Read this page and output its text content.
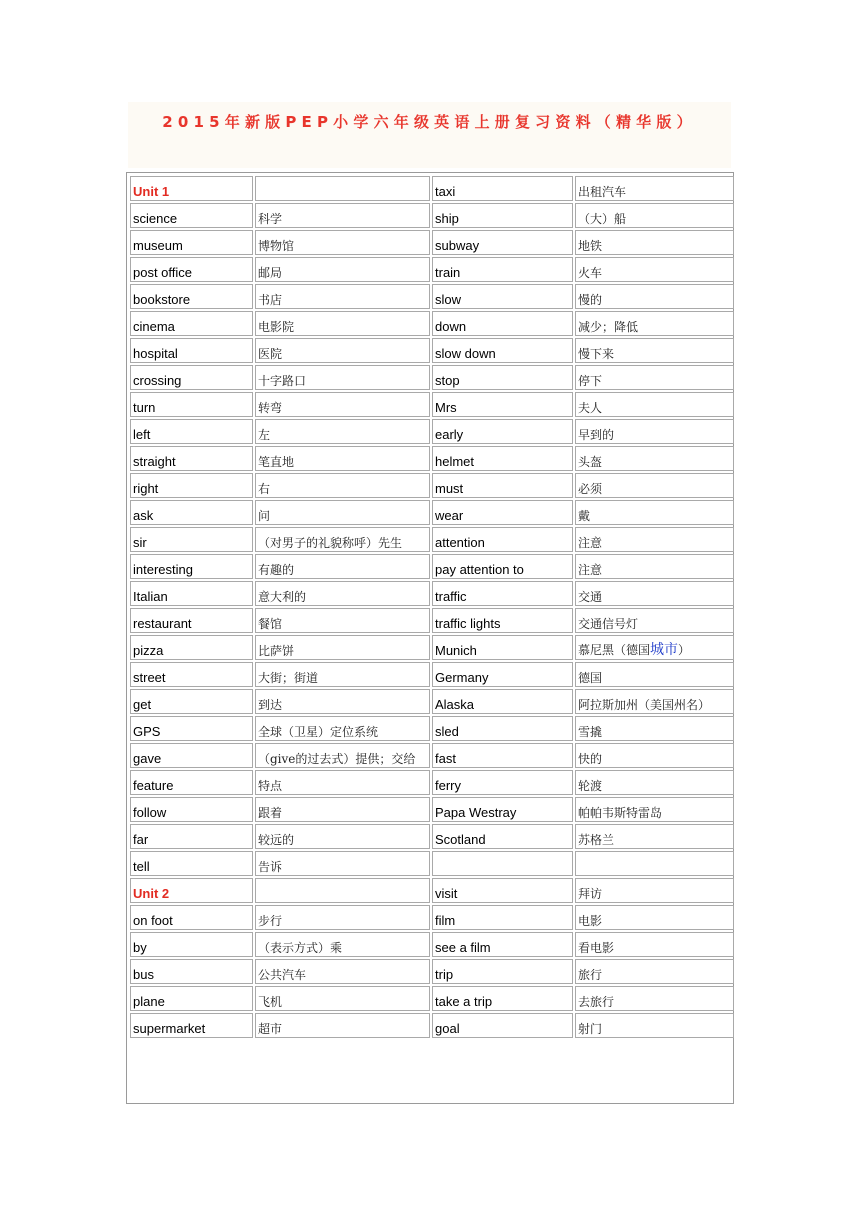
2015年新版PEP小学六年级英语上册复习资料（精华版）
Unit 1		taxi	出租汽车
science	科学	ship	（大）船
museum	博物馆	subway	地铁
post office	邮局	train	火车
bookstore	书店	slow	慢的
cinema	电影院	down	减少；降低
hospital	医院	slow down	慢下来
crossing	十字路口	stop	停下
turn	转弯	Mrs	夫人
left	左	early	早到的
straight	笔直地	helmet	头盔
right	右	must	必须
ask	问	wear	戴
sir	（对男子的礼貌称呼）先生	attention	注意
interesting	有趣的	pay attention to	注意
Italian	意大利的	traffic	交通
restaurant	餐馆	traffic lights	交通信号灯
pizza	比萨饼	Munich	慕尼黑（德国城市）
street	大街；街道	Germany	德国
get	到达	Alaska	阿拉斯加州（美国州名）
GPS	全球（卫星）定位系统	sled	雪撬
gave	（give的过去式）提供；交给	fast	快的
feature	特点	ferry	轮渡
follow	跟着	Papa Westray	帕帕韦斯特雷岛
far	较远的	Scotland	苏格兰
tell	告诉		
Unit 2		visit	拜访
on foot	步行	film	电影
by	（表示方式）乘	see a film	看电影
bus	公共汽车	trip	旅行
plane	飞机	take a trip	去旅行
supermarket	超市	goal	射门
